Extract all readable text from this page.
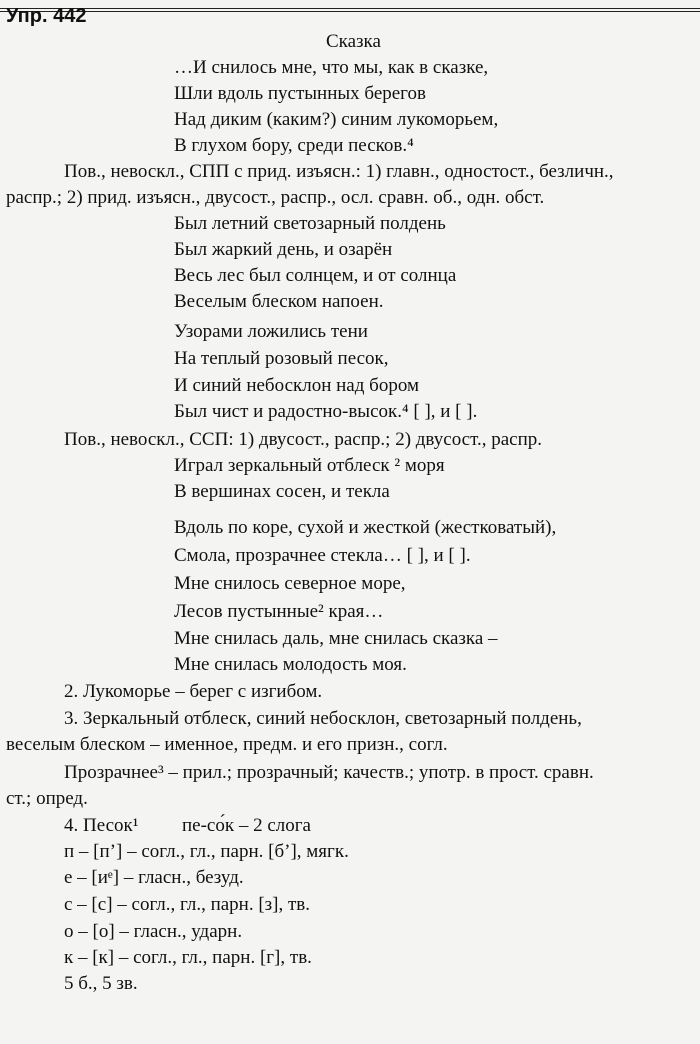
Упр. 442
Сказка
…И снилось мне, что мы, как в сказке,
Шли вдоль пустынных берегов
Над диким (каким?) синим лукоморьем,
В глухом бору, среди песков.⁴
Пов., невоскл., СПП с прид. изъясн.: 1) главн., одностост., безличн.,
распр.; 2) прид. изъясн., двусост., распр., осл. сравн. об., одн. обст.
Был летний светозарный полдень
Был жаркий день, и озарён
Весь лес был солнцем, и от солнца
Веселым блеском напоен.
Узорами ложились тени
На теплый розовый песок,
И синий небосклон над бором
Был чист и радостно-высок.⁴ [ ], и [ ].
Пов., невоскл., ССП: 1) двусост., распр.; 2) двусост., распр.
Играл зеркальный отблеск ² моря
В вершинах сосен, и текла
Вдоль по коре, сухой и жесткой (жестковатый),
Смола, прозрачнее стекла… [ ], и [ ].
Мне снилось северное море,
Лесов пустынные² края…
Мне снилась даль, мне снилась сказка –
Мне снилась молодость моя.
2. Лукоморье – берег с изгибом.
3. Зеркальный отблеск, синий небосклон, светозарный полдень,
веселым блеском – именное, предм. и его призн., согл.
Прозрачнее³ – прил.; прозрачный; качеств.; употр. в прост. сравн.
ст.; опред.
4. Песок¹ пе-со́к – 2 слога
п – [п’] – согл., гл., парн. [б’], мягк.
е – [иᵉ] – гласн., безуд.
с – [с] – согл., гл., парн. [з], тв.
о – [о] – гласн., ударн.
к – [к] – согл., гл., парн. [г], тв.
5 б., 5 зв.
